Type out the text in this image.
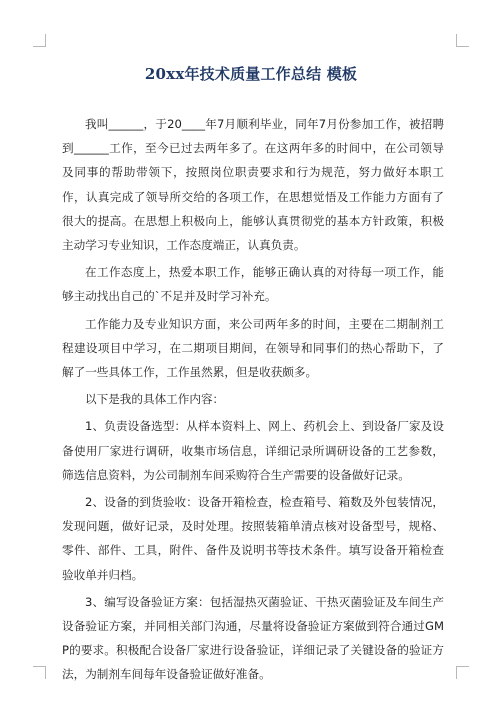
20xx年技术质量工作总结 模板

我叫______，于20____年7月顺利毕业，同年7月份参加工作，被招聘到______工作，至今已过去两年多了。在这两年多的时间中，在公司领导及同事的帮助带领下，按照岗位职责要求和行为规范，努力做好本职工作，认真完成了领导所交给的各项工作，在思想觉悟及工作能力方面有了很大的提高。在思想上积极向上，能够认真贯彻党的基本方针政策，积极主动学习专业知识，工作态度端正，认真负责。

在工作态度上，热爱本职工作，能够正确认真的对待每一项工作，能够主动找出自己的`不足并及时学习补充。

工作能力及专业知识方面，来公司两年多的时间，主要在二期制剂工程建设项目中学习，在二期项目期间，在领导和同事们的热心帮助下，了解了一些具体工作，工作虽然累，但是收获颇多。

以下是我的具体工作内容：

1、负责设备选型：从样本资料上、网上、药机会上、到设备厂家及设备使用厂家进行调研，收集市场信息，详细记录所调研设备的工艺参数，筛选信息资料，为公司制剂车间采购符合生产需要的设备做好记录。

2、设备的到货验收：设备开箱检查，检查箱号、箱数及外包装情况，发现问题，做好记录，及时处理。按照装箱单清点核对设备型号，规格、零件、部件、工具，附件、备件及说明书等技术条件。填写设备开箱检查验收单并归档。

3、编写设备验证方案：包括湿热灭菌验证、干热灭菌验证及车间生产设备验证方案，并同相关部门沟通，尽量将设备验证方案做到符合通过GMP的要求。积极配合设备厂家进行设备验证，详细记录了关键设备的验证方法，为制剂车间每年设备验证做好准备。
